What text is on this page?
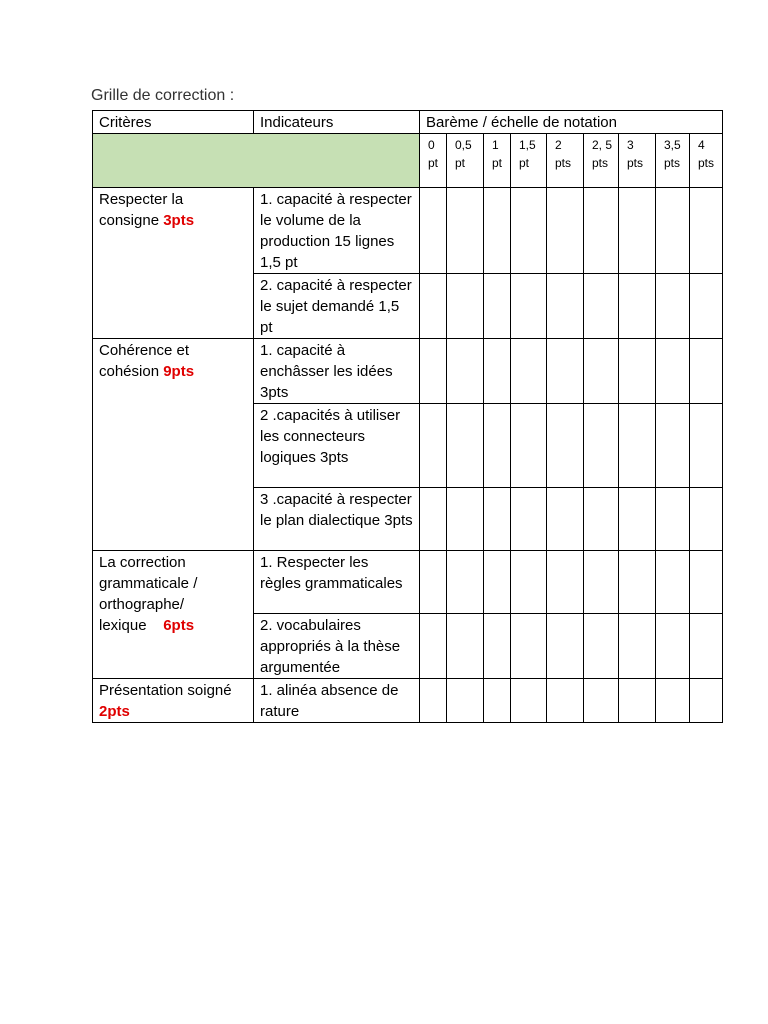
Grille de correction :
Critères	Indicateurs	Barème / échelle de notation								
		0 pt	0,5 pt	1 pt	1,5 pt	2 pts	2, 5 pts	3 pts	3,5 pts	4 pts
Respecter la consigne 3pts	1. capacité à respecter le volume de la production 15 lignes 1,5 pt									
	2. capacité à respecter le sujet demandé 1,5 pt									
Cohérence et cohésion 9pts	1. capacité à enchâsser les idées 3pts									
	2 .capacités à utiliser les connecteurs logiques 3pts									
	3 .capacité à respecter le plan dialectique 3pts									
La correction grammaticale / orthographe/ lexique 6pts	1. Respecter les règles grammaticales									
	2. vocabulaires appropriés à la thèse argumentée									
Présentation soigné 2pts	1. alinéa absence de rature									
